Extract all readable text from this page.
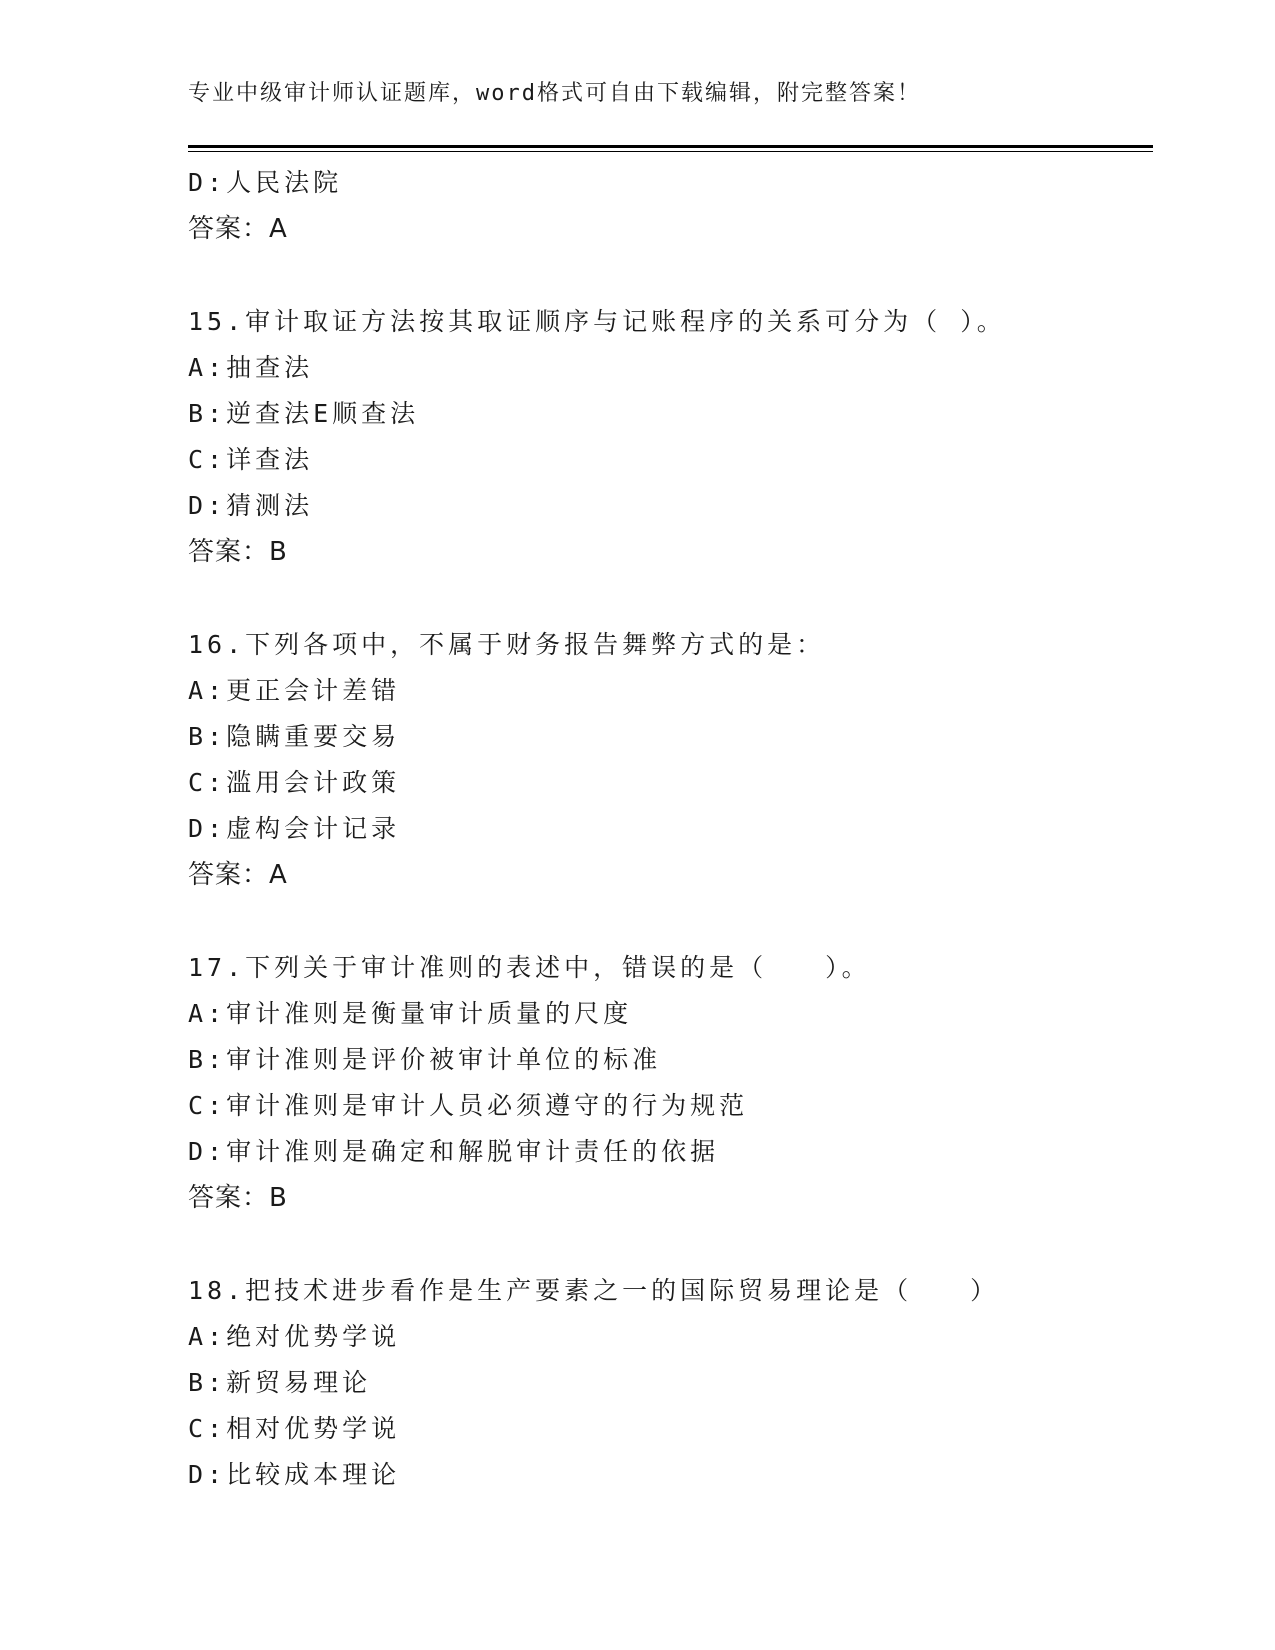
专业中级审计师认证题库，word格式可自由下载编辑，附完整答案！
D:人民法院
答案：A
15.审计取证方法按其取证顺序与记账程序的关系可分为（ ）。
A:抽查法
B:逆查法E顺查法
C:详查法
D:猜测法
答案：B
16.下列各项中，不属于财务报告舞弊方式的是：
A:更正会计差错
B:隐瞒重要交易
C:滥用会计政策
D:虚构会计记录
答案：A
17.下列关于审计准则的表述中，错误的是（　　）。
A:审计准则是衡量审计质量的尺度
B:审计准则是评价被审计单位的标准
C:审计准则是审计人员必须遵守的行为规范
D:审计准则是确定和解脱审计责任的依据
答案：B
18.把技术进步看作是生产要素之一的国际贸易理论是（　　）
A:绝对优势学说
B:新贸易理论
C:相对优势学说
D:比较成本理论
